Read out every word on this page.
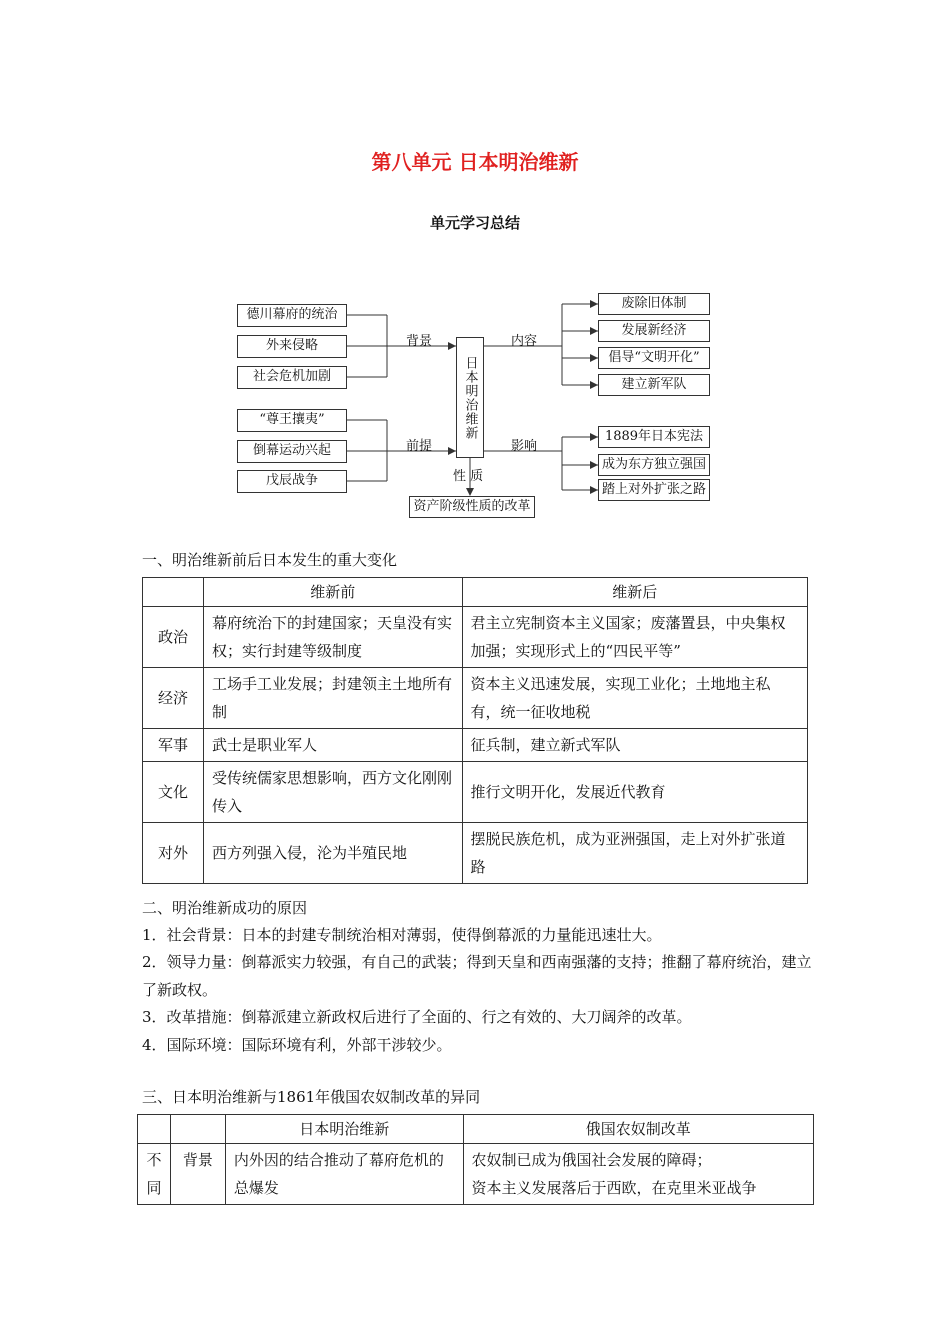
第八单元 日本明治维新
单元学习总结
德川幕府的统治
外来侵略
社会危机加剧
“尊王攘夷”
倒幕运动兴起
戊辰战争
背景
前提
内容
影响
性 质
日本明治维新
废除旧体制
发展新经济
倡导“文明开化”
建立新军队
1889年日本宪法
成为东方独立强国
踏上对外扩张之路
资产阶级性质的改革
一、明治维新前后日本发生的重大变化
	维新前	维新后
政治	幕府统治下的封建国家；天皇没有实权；实行封建等级制度	君主立宪制资本主义国家；废藩置县，中央集权加强；实现形式上的“四民平等”
经济	工场手工业发展；封建领主土地所有制	资本主义迅速发展，实现工业化；土地地主私有，统一征收地税
军事	武士是职业军人	征兵制，建立新式军队
文化	受传统儒家思想影响，西方文化刚刚传入	推行文明开化，发展近代教育
对外	西方列强入侵，沦为半殖民地	摆脱民族危机，成为亚洲强国，走上对外扩张道路
二、明治维新成功的原因
1．社会背景：日本的封建专制统治相对薄弱，使得倒幕派的力量能迅速壮大。
2．领导力量：倒幕派实力较强，有自己的武装；得到天皇和西南强藩的支持；推翻了幕府统治，建立了新政权。
3．改革措施：倒幕派建立新政权后进行了全面的、行之有效的、大刀阔斧的改革。
4．国际环境：国际环境有利，外部干涉较少。
三、日本明治维新与1861年俄国农奴制改革的异同
		日本明治维新	俄国农奴制改革
不同	背景	内外因的结合推动了幕府危机的总爆发	农奴制已成为俄国社会发展的障碍；
资本主义发展落后于西欧，在克里米亚战争
